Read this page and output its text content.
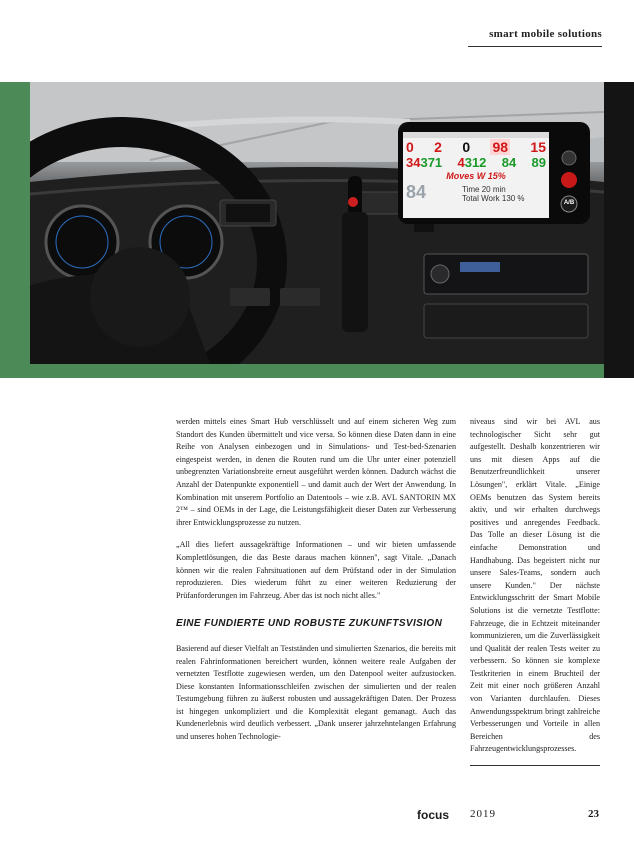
smart mobile solutions
0 2 0 98 15
34371 4312 84 89
Moves W 15%
84	Time 20 min
Total Work 130 %	A/B

werden mittels eines Smart Hub verschlüsselt und auf einem sicheren Weg zum Standort des Kunden übermittelt und vice versa. So können diese Daten dann in eine Reihe von Analysen einbezogen und in Simulations- und Test-bed-Szenarien eingespeist werden, in denen die Routen rund um die Uhr unter einer potenziell unbegrenzten Variationsbreite erneut ausgeführt werden können. Dadurch wächst die Anzahl der Datenpunkte exponentiell – und damit auch der Wert der Anwendung. In Kombination mit unserem Portfolio an Datentools – wie z.B. AVL SANTORIN MX 2™ – sind OEMs in der Lage, die Leistungsfähigkeit dieser Daten zur Verbesserung ihrer Entwicklungsprozesse zu nutzen.

„All dies liefert aussagekräftige Informationen – und wir bieten umfassende Komplettlösungen, die das Beste daraus machen können", sagt Vitale. „Danach können wir die realen Fahrsituationen auf dem Prüfstand oder in der Simulation reproduzieren. Dies wiederum führt zu einer weiteren Reduzierung der Prüfanforderungen im Fahrzeug. Aber das ist noch nicht alles."

EINE FUNDIERTE UND ROBUSTE ZUKUNFTSVISION

Basierend auf dieser Vielfalt an Testständen und simulierten Szenarios, die bereits mit realen Fahrinformationen bereichert wurden, können weitere reale Aufgaben der vernetzten Testflotte zugewiesen werden, um den Datenpool weiter aufzustocken. Diese konstanten Informationsschleifen zwischen der simulierten und der realen Testumgebung führen zu äußerst robusten und aussagekräftigen Daten. Der Prozess ist hingegen unkompliziert und die Komplexität elegant gemanagt. Auch das Kundenerlebnis wird deutlich verbessert. „Dank unserer jahrzehntelangen Erfahrung und unseres hohen Technologie-

niveaus sind wir bei AVL aus technologischer Sicht sehr gut aufgestellt. Deshalb konzentrieren wir uns mit diesen Apps auf die Benutzerfreundlichkeit unserer Lösungen", erklärt Vitale. „Einige OEMs benutzen das System bereits aktiv, und wir erhalten durchwegs positives und anregendes Feedback. Das Tolle an dieser Lösung ist die einfache Demonstration und Handhabung. Das begeistert nicht nur unsere Sales-Teams, sondern auch unsere Kunden." Der nächste Entwicklungsschritt der Smart Mobile Solutions ist die vernetzte Testflotte: Fahrzeuge, die in Echtzeit miteinander kommunizieren, um die Zuverlässigkeit und Qualität der realen Tests weiter zu verbessern. So können sie komplexe Testkriterien in einem Bruchteil der Zeit mit einer noch größeren Anzahl von Varianten durchlaufen. Dieses Anwendungsspektrum bringt zahlreiche Verbesserungen und Vorteile in allen Bereichen des Fahrzeugentwicklungsprozesses.

focus 2019	23
